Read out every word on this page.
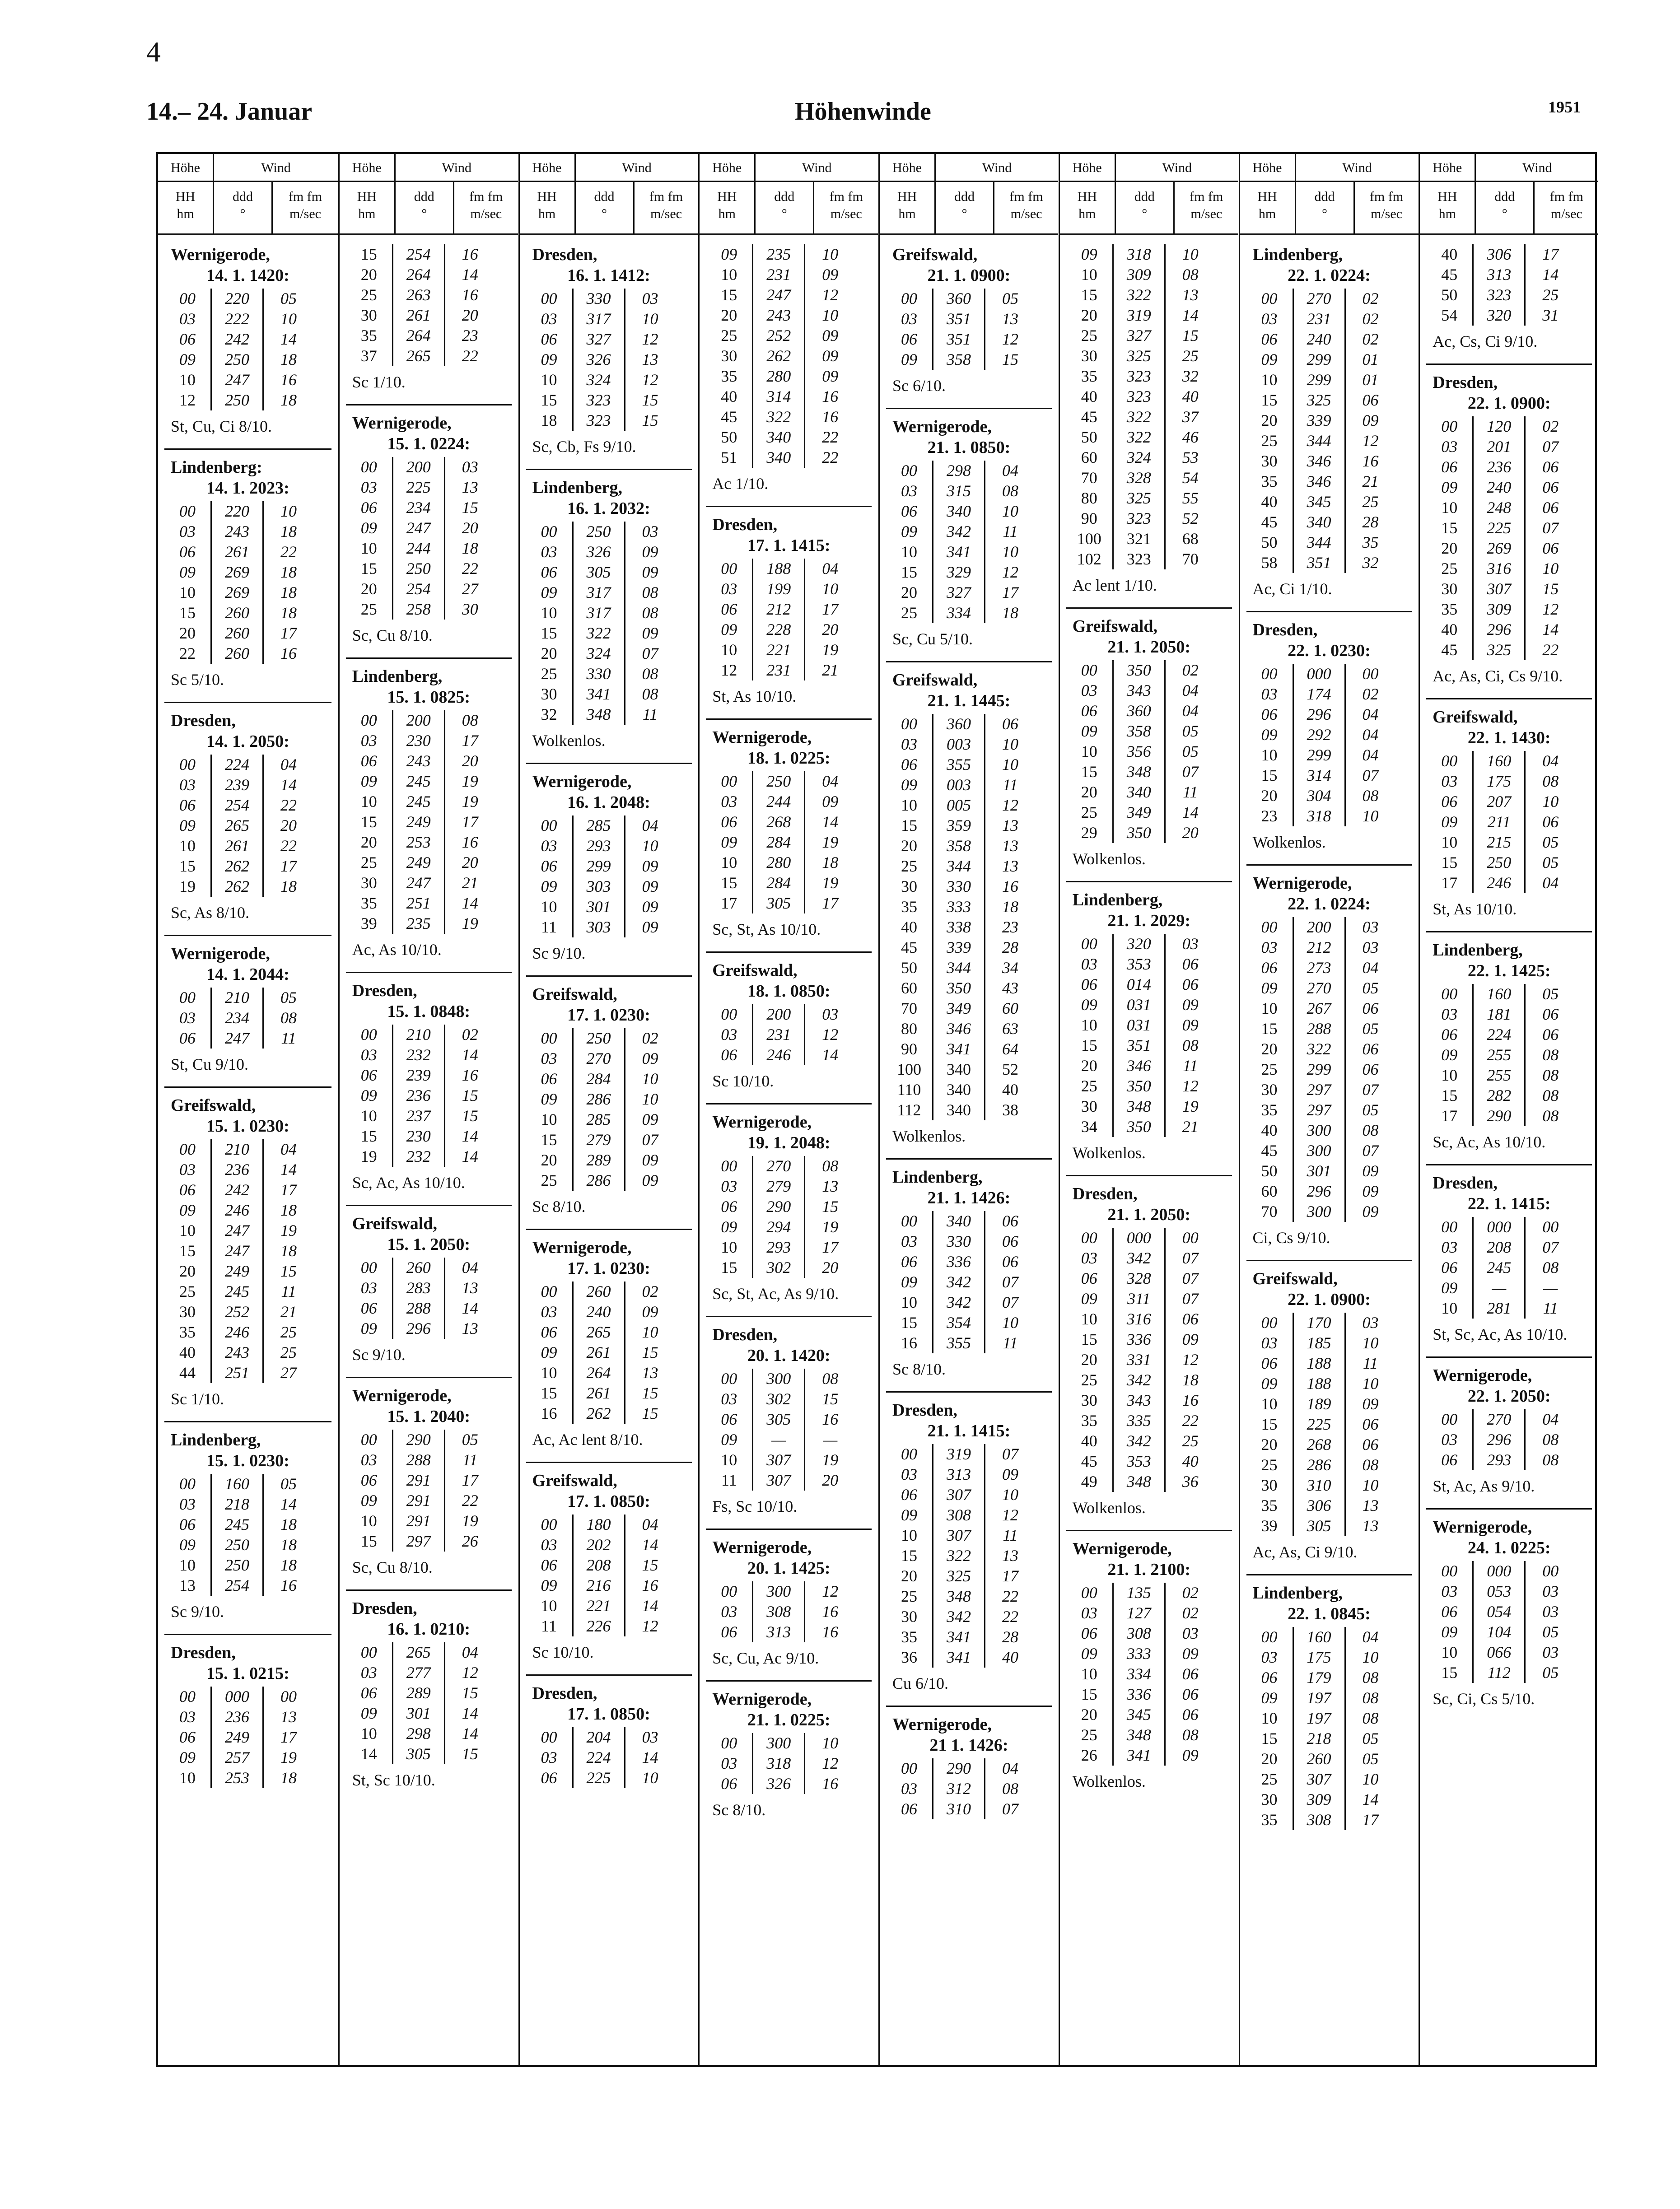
4
14.– 24. Januar	Höhenwinde	1951
Höhe	Wind
HH
hm
ddd
°
fm fm
m/sec
Wernigerode,
14. 1. 1420:
00	220	05
03	222	10
06	242	14
09	250	18
10	247	16
12	250	18
St, Cu, Ci 8/10.
Lindenberg:
14. 1. 2023:
00	220	10
03	243	18
06	261	22
09	269	18
10	269	18
15	260	18
20	260	17
22	260	16
Sc 5/10.
Dresden,
14. 1. 2050:
00	224	04
03	239	14
06	254	22
09	265	20
10	261	22
15	262	17
19	262	18
Sc, As 8/10.
Wernigerode,
14. 1. 2044:
00	210	05
03	234	08
06	247	11
St, Cu 9/10.
Greifswald,
15. 1. 0230:
00	210	04
03	236	14
06	242	17
09	246	18
10	247	19
15	247	18
20	249	15
25	245	11
30	252	21
35	246	25
40	243	25
44	251	27
Sc 1/10.
Lindenberg,
15. 1. 0230:
00	160	05
03	218	14
06	245	18
09	250	18
10	250	18
13	254	16
Sc 9/10.
Dresden,
15. 1. 0215:
00	000	00
03	236	13
06	249	17
09	257	19
10	253	18
Höhe	Wind
HH
hm
ddd
°
fm fm
m/sec
15	254	16
20	264	14
25	263	16
30	261	20
35	264	23
37	265	22
Sc 1/10.
Wernigerode,
15. 1. 0224:
00	200	03
03	225	13
06	234	15
09	247	20
10	244	18
15	250	22
20	254	27
25	258	30
Sc, Cu 8/10.
Lindenberg,
15. 1. 0825:
00	200	08
03	230	17
06	243	20
09	245	19
10	245	19
15	249	17
20	253	16
25	249	20
30	247	21
35	251	14
39	235	19
Ac, As 10/10.
Dresden,
15. 1. 0848:
00	210	02
03	232	14
06	239	16
09	236	15
10	237	15
15	230	14
19	232	14
Sc, Ac, As 10/10.
Greifswald,
15. 1. 2050:
00	260	04
03	283	13
06	288	14
09	296	13
Sc 9/10.
Wernigerode,
15. 1. 2040:
00	290	05
03	288	11
06	291	17
09	291	22
10	291	19
15	297	26
Sc, Cu 8/10.
Dresden,
16. 1. 0210:
00	265	04
03	277	12
06	289	15
09	301	14
10	298	14
14	305	15
St, Sc 10/10.
Höhe	Wind
HH
hm
ddd
°
fm fm
m/sec
Dresden,
16. 1. 1412:
00	330	03
03	317	10
06	327	12
09	326	13
10	324	12
15	323	15
18	323	15
Sc, Cb, Fs 9/10.
Lindenberg,
16. 1. 2032:
00	250	03
03	326	09
06	305	09
09	317	08
10	317	08
15	322	09
20	324	07
25	330	08
30	341	08
32	348	11
Wolkenlos.
Wernigerode,
16. 1. 2048:
00	285	04
03	293	10
06	299	09
09	303	09
10	301	09
11	303	09
Sc 9/10.
Greifswald,
17. 1. 0230:
00	250	02
03	270	09
06	284	10
09	286	10
10	285	09
15	279	07
20	289	09
25	286	09
Sc 8/10.
Wernigerode,
17. 1. 0230:
00	260	02
03	240	09
06	265	10
09	261	15
10	264	13
15	261	15
16	262	15
Ac, Ac lent 8/10.
Greifswald,
17. 1. 0850:
00	180	04
03	202	14
06	208	15
09	216	16
10	221	14
11	226	12
Sc 10/10.
Dresden,
17. 1. 0850:
00	204	03
03	224	14
06	225	10
Höhe	Wind
HH
hm
ddd
°
fm fm
m/sec
09	235	10
10	231	09
15	247	12
20	243	10
25	252	09
30	262	09
35	280	09
40	314	16
45	322	16
50	340	22
51	340	22
Ac 1/10.
Dresden,
17. 1. 1415:
00	188	04
03	199	10
06	212	17
09	228	20
10	221	19
12	231	21
St, As 10/10.
Wernigerode,
18. 1. 0225:
00	250	04
03	244	09
06	268	14
09	284	19
10	280	18
15	284	19
17	305	17
Sc, St, As 10/10.
Greifswald,
18. 1. 0850:
00	200	03
03	231	12
06	246	14
Sc 10/10.
Wernigerode,
19. 1. 2048:
00	270	08
03	279	13
06	290	15
09	294	19
10	293	17
15	302	20
Sc, St, Ac, As 9/10.
Dresden,
20. 1. 1420:
00	300	08
03	302	15
06	305	16
09	—	—
10	307	19
11	307	20
Fs, Sc 10/10.
Wernigerode,
20. 1. 1425:
00	300	12
03	308	16
06	313	16
Sc, Cu, Ac 9/10.
Wernigerode,
21. 1. 0225:
00	300	10
03	318	12
06	326	16
Sc 8/10.
Höhe	Wind
HH
hm
ddd
°
fm fm
m/sec
Greifswald,
21. 1. 0900:
00	360	05
03	351	13
06	351	12
09	358	15
Sc 6/10.
Wernigerode,
21. 1. 0850:
00	298	04
03	315	08
06	340	10
09	342	11
10	341	10
15	329	12
20	327	17
25	334	18
Sc, Cu 5/10.
Greifswald,
21. 1. 1445:
00	360	06
03	003	10
06	355	10
09	003	11
10	005	12
15	359	13
20	358	13
25	344	13
30	330	16
35	333	18
40	338	23
45	339	28
50	344	34
60	350	43
70	349	60
80	346	63
90	341	64
100	340	52
110	340	40
112	340	38
Wolkenlos.
Lindenberg,
21. 1. 1426:
00	340	06
03	330	06
06	336	06
09	342	07
10	342	07
15	354	10
16	355	11
Sc 8/10.
Dresden,
21. 1. 1415:
00	319	07
03	313	09
06	307	10
09	308	12
10	307	11
15	322	13
20	325	17
25	348	22
30	342	22
35	341	28
36	341	40
Cu 6/10.
Wernigerode,
21 1. 1426:
00	290	04
03	312	08
06	310	07
Höhe	Wind
HH
hm
ddd
°
fm fm
m/sec
09	318	10
10	309	08
15	322	13
20	319	14
25	327	15
30	325	25
35	323	32
40	323	40
45	322	37
50	322	46
60	324	53
70	328	54
80	325	55
90	323	52
100	321	68
102	323	70
Ac lent 1/10.
Greifswald,
21. 1. 2050:
00	350	02
03	343	04
06	360	04
09	358	05
10	356	05
15	348	07
20	340	11
25	349	14
29	350	20
Wolkenlos.
Lindenberg,
21. 1. 2029:
00	320	03
03	353	06
06	014	06
09	031	09
10	031	09
15	351	08
20	346	11
25	350	12
30	348	19
34	350	21
Wolkenlos.
Dresden,
21. 1. 2050:
00	000	00
03	342	07
06	328	07
09	311	07
10	316	06
15	336	09
20	331	12
25	342	18
30	343	16
35	335	22
40	342	25
45	353	40
49	348	36
Wolkenlos.
Wernigerode,
21. 1. 2100:
00	135	02
03	127	02
06	308	03
09	333	09
10	334	06
15	336	06
20	345	06
25	348	08
26	341	09
Wolkenlos.
Höhe	Wind
HH
hm
ddd
°
fm fm
m/sec
Lindenberg,
22. 1. 0224:
00	270	02
03	231	02
06	240	02
09	299	01
10	299	01
15	325	06
20	339	09
25	344	12
30	346	16
35	346	21
40	345	25
45	340	28
50	344	35
58	351	32
Ac, Ci 1/10.
Dresden,
22. 1. 0230:
00	000	00
03	174	02
06	296	04
09	292	04
10	299	04
15	314	07
20	304	08
23	318	10
Wolkenlos.
Wernigerode,
22. 1. 0224:
00	200	03
03	212	03
06	273	04
09	270	05
10	267	06
15	288	05
20	322	06
25	299	06
30	297	07
35	297	05
40	300	08
45	300	07
50	301	09
60	296	09
70	300	09
Ci, Cs 9/10.
Greifswald,
22. 1. 0900:
00	170	03
03	185	10
06	188	11
09	188	10
10	189	09
15	225	06
20	268	06
25	286	08
30	310	10
35	306	13
39	305	13
Ac, As, Ci 9/10.
Lindenberg,
22. 1. 0845:
00	160	04
03	175	10
06	179	08
09	197	08
10	197	08
15	218	05
20	260	05
25	307	10
30	309	14
35	308	17
Höhe	Wind
HH
hm
ddd
°
fm fm
m/sec
40	306	17
45	313	14
50	323	25
54	320	31
Ac, Cs, Ci 9/10.
Dresden,
22. 1. 0900:
00	120	02
03	201	07
06	236	06
09	240	06
10	248	06
15	225	07
20	269	06
25	316	10
30	307	15
35	309	12
40	296	14
45	325	22
Ac, As, Ci, Cs 9/10.
Greifswald,
22. 1. 1430:
00	160	04
03	175	08
06	207	10
09	211	06
10	215	05
15	250	05
17	246	04
St, As 10/10.
Lindenberg,
22. 1. 1425:
00	160	05
03	181	06
06	224	06
09	255	08
10	255	08
15	282	08
17	290	08
Sc, Ac, As 10/10.
Dresden,
22. 1. 1415:
00	000	00
03	208	07
06	245	08
09	—	—
10	281	11
St, Sc, Ac, As 10/10.
Wernigerode,
22. 1. 2050:
00	270	04
03	296	08
06	293	08
St, Ac, As 9/10.
Wernigerode,
24. 1. 0225:
00	000	00
03	053	03
06	054	03
09	104	05
10	066	03
15	112	05
Sc, Ci, Cs 5/10.
